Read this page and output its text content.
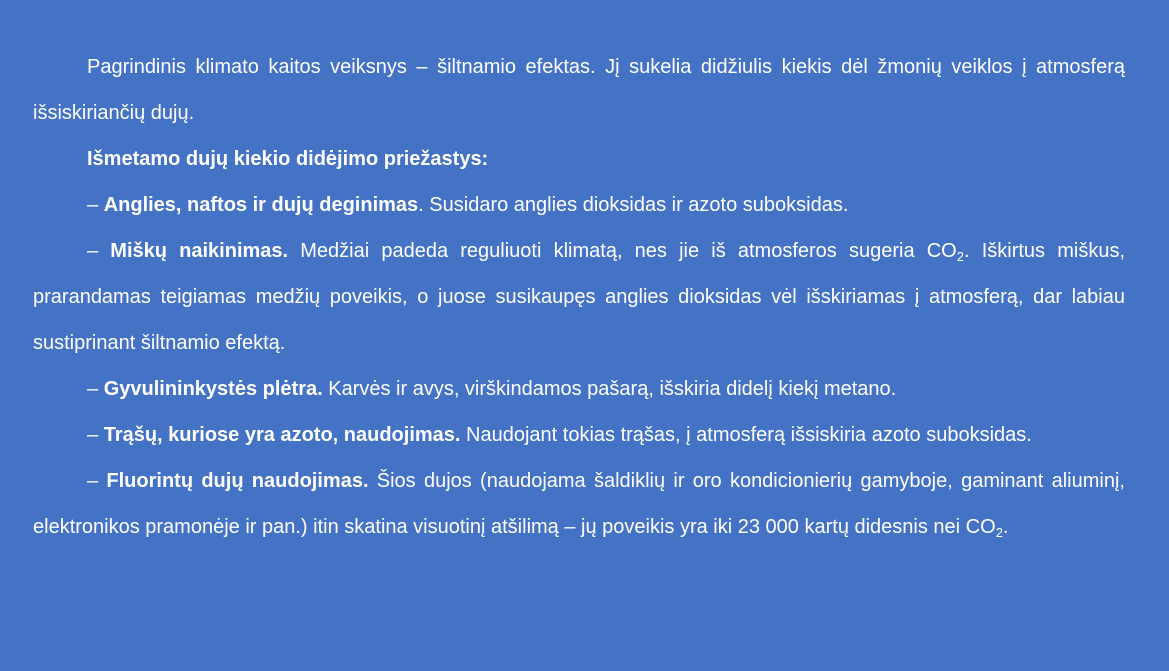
Pagrindinis klimato kaitos veiksnys – šiltnamio efektas. Jį sukelia didžiulis kiekis dėl žmonių veiklos į atmosferą išsiskiriančių dujų.

Išmetamo dujų kiekio didėjimo priežastys:

– Anglies, naftos ir dujų deginimas. Susidaro anglies dioksidas ir azoto suboksidas.

– Miškų naikinimas. Medžiai padeda reguliuoti klimatą, nes jie iš atmosferos sugeria $CO_2$. Iškirtus miškus, prarandamas teigiamas medžių poveikis, o juose susikaupęs anglies dioksidas vėl išskiriamas į atmosferą, dar labiau sustiprinant šiltnamio efektą.

– Gyvulininkystės plėtra. Karvės ir avys, virškindamos pašarą, išskiria didelį kiekį metano.

– Trąšų, kuriose yra azoto, naudojimas. Naudojant tokias trąšas, į atmosferą išsiskiria azoto suboksidas.

– Fluorintų dujų naudojimas. Šios dujos (naudojama šaldiklių ir oro kondicionierių gamyboje, gaminant aliuminį, elektronikos pramonėje ir pan.) itin skatina visuotinį atšilimą – jų poveikis yra iki 23 000 kartų didesnis nei $CO_2$.
